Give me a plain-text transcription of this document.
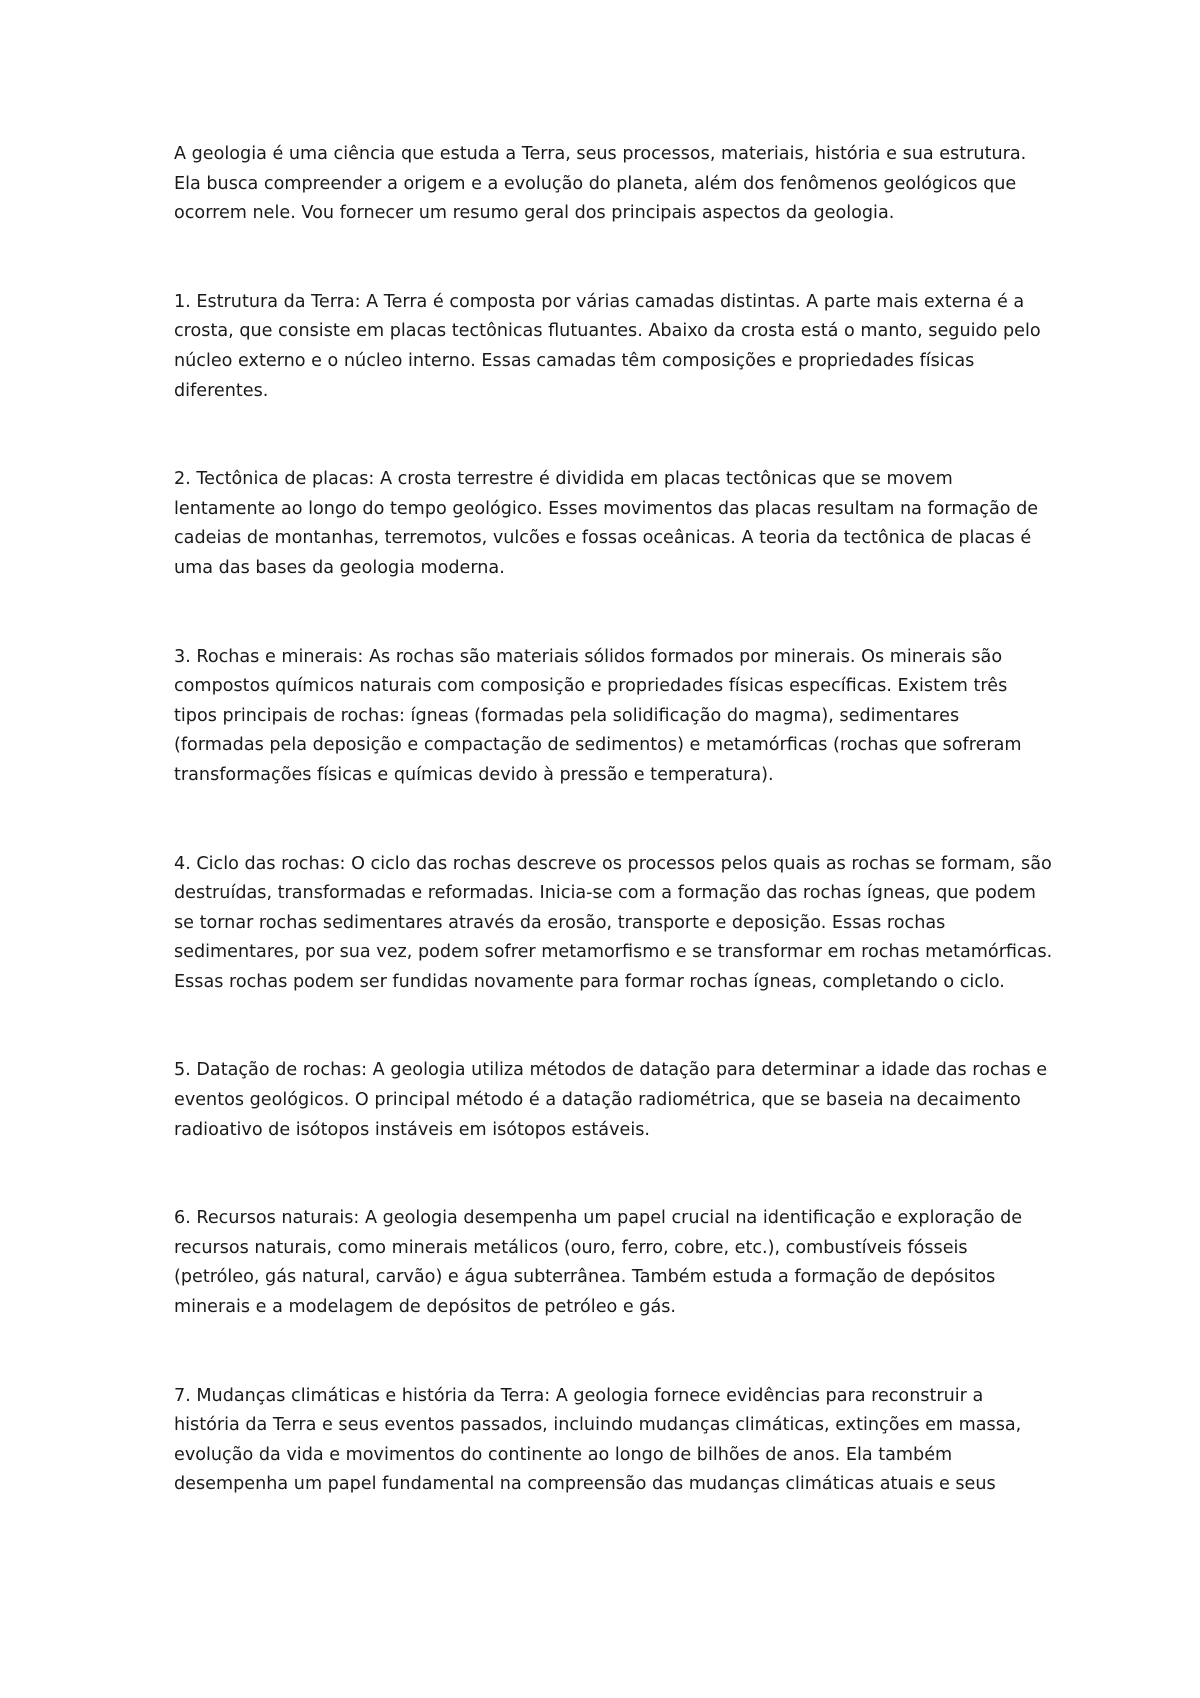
A geologia é uma ciência que estuda a Terra, seus processos, materiais, história e sua estrutura. Ela busca compreender a origem e a evolução do planeta, além dos fenômenos geológicos que ocorrem nele. Vou fornecer um resumo geral dos principais aspectos da geologia.

1. Estrutura da Terra: A Terra é composta por várias camadas distintas. A parte mais externa é a crosta, que consiste em placas tectônicas flutuantes. Abaixo da crosta está o manto, seguido pelo núcleo externo e o núcleo interno. Essas camadas têm composições e propriedades físicas diferentes.

2. Tectônica de placas: A crosta terrestre é dividida em placas tectônicas que se movem lentamente ao longo do tempo geológico. Esses movimentos das placas resultam na formação de cadeias de montanhas, terremotos, vulcões e fossas oceânicas. A teoria da tectônica de placas é uma das bases da geologia moderna.

3. Rochas e minerais: As rochas são materiais sólidos formados por minerais. Os minerais são compostos químicos naturais com composição e propriedades físicas específicas. Existem três tipos principais de rochas: ígneas (formadas pela solidificação do magma), sedimentares (formadas pela deposição e compactação de sedimentos) e metamórficas (rochas que sofreram transformações físicas e químicas devido à pressão e temperatura).

4. Ciclo das rochas: O ciclo das rochas descreve os processos pelos quais as rochas se formam, são destruídas, transformadas e reformadas. Inicia-se com a formação das rochas ígneas, que podem se tornar rochas sedimentares através da erosão, transporte e deposição. Essas rochas sedimentares, por sua vez, podem sofrer metamorfismo e se transformar em rochas metamórficas. Essas rochas podem ser fundidas novamente para formar rochas ígneas, completando o ciclo.

5. Datação de rochas: A geologia utiliza métodos de datação para determinar a idade das rochas e eventos geológicos. O principal método é a datação radiométrica, que se baseia na decaimento radioativo de isótopos instáveis em isótopos estáveis.

6. Recursos naturais: A geologia desempenha um papel crucial na identificação e exploração de recursos naturais, como minerais metálicos (ouro, ferro, cobre, etc.), combustíveis fósseis (petróleo, gás natural, carvão) e água subterrânea. Também estuda a formação de depósitos minerais e a modelagem de depósitos de petróleo e gás.

7. Mudanças climáticas e história da Terra: A geologia fornece evidências para reconstruir a história da Terra e seus eventos passados, incluindo mudanças climáticas, extinções em massa, evolução da vida e movimentos do continente ao longo de bilhões de anos. Ela também desempenha um papel fundamental na compreensão das mudanças climáticas atuais e seus
